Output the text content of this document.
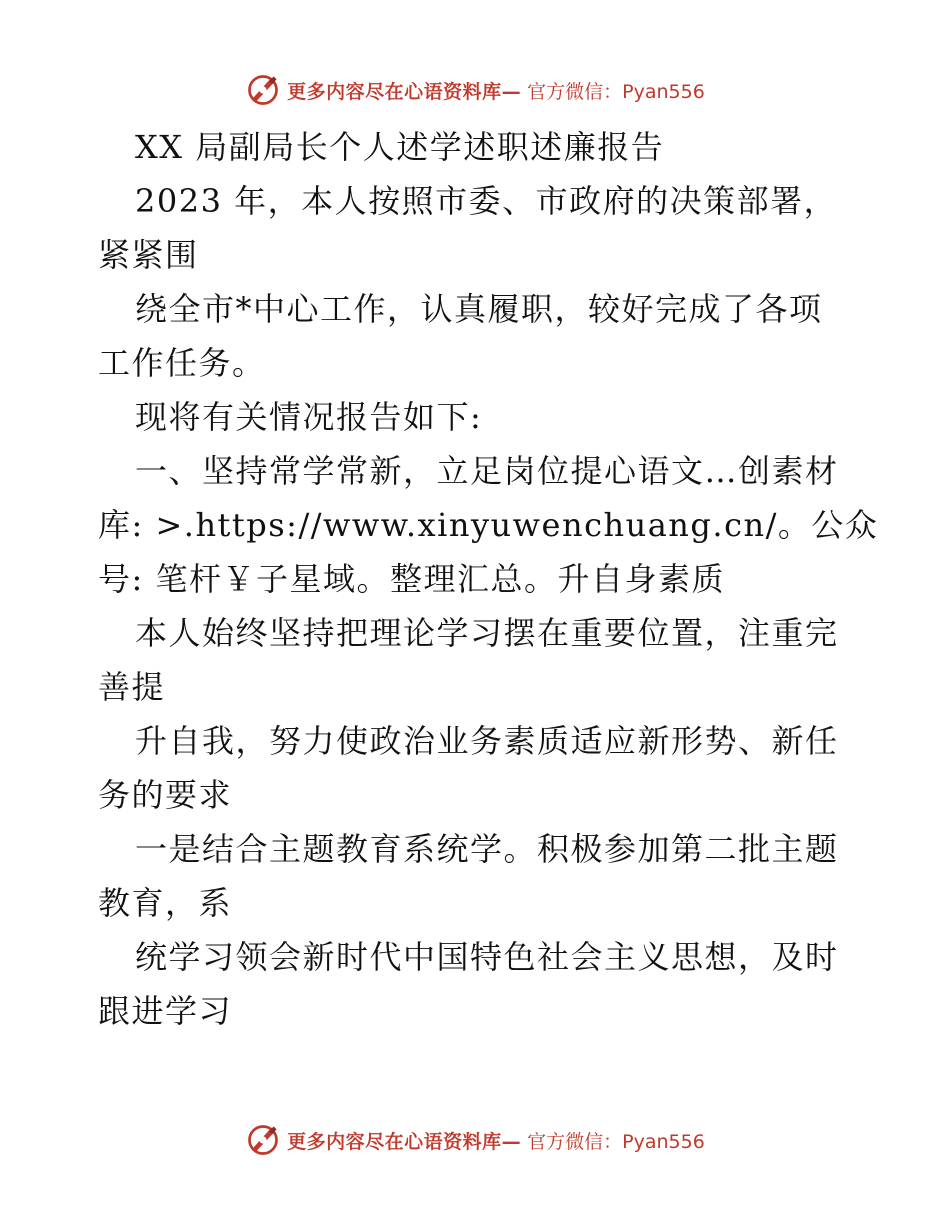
更多内容尽在心语资料库— 官方微信：Pyan556
XX 局副局长个人述学述职述廉报告
2023 年，本人按照市委、市政府的决策部署，
紧紧围
绕全市*中心工作，认真履职，较好完成了各项
工作任务。
现将有关情况报告如下:
一、坚持常学常新，立足岗位提心语文…创素材
库: >.https://www.xinyuwenchuang.cn/。公众
号: 笔杆￥子星域。整理汇总。升自身素质
本人始终坚持把理论学习摆在重要位置，注重完
善提
升自我，努力使政治业务素质适应新形势、新任
务的要求
一是结合主题教育系统学。积极参加第二批主题
教育，系
统学习领会新时代中国特色社会主义思想，及时
跟进学习
更多内容尽在心语资料库— 官方微信：Pyan556
